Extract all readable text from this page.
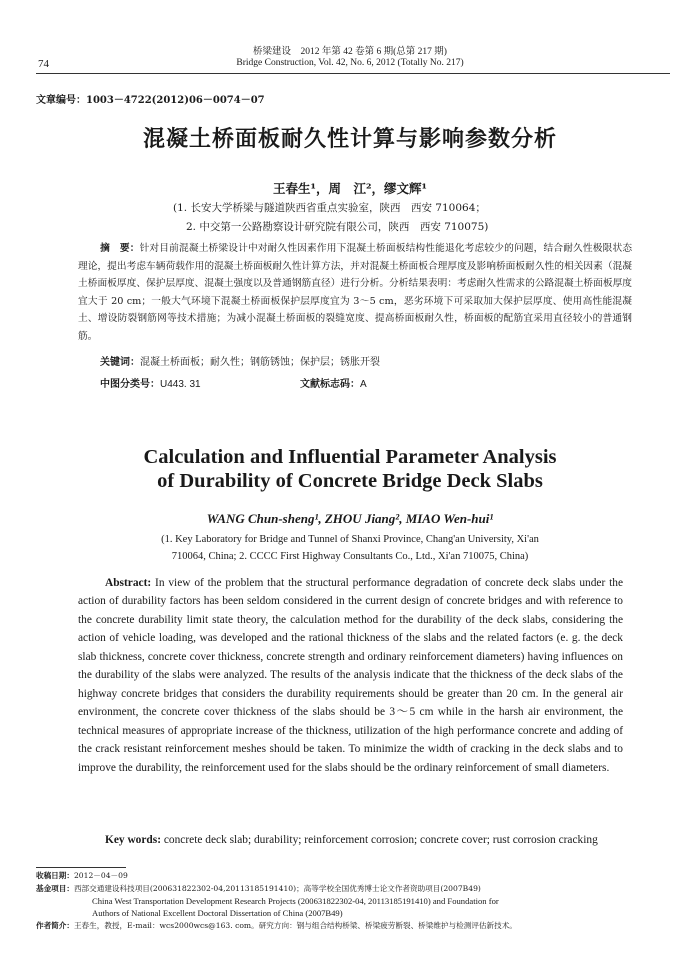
74
桥梁建设　2012 年第 42 卷第 6 期(总第 217 期)
Bridge Construction, Vol. 42, No. 6, 2012 (Totally No. 217)
文章编号：1003－4722(2012)06－0074－07
混凝土桥面板耐久性计算与影响参数分析
王春生¹，周　江²，缪文辉¹
(1. 长安大学桥梁与隧道陕西省重点实验室，陕西　西安 710064；
2. 中交第一公路勘察设计研究院有限公司，陕西　西安 710075)
摘　要：针对目前混凝土桥梁设计中对耐久性因素作用下混凝土桥面板结构性能退化考虑较少的问题，结合耐久性极限状态理论，提出考虑车辆荷载作用的混凝土桥面板耐久性计算方法，并对混凝土桥面板合理厚度及影响桥面板耐久性的相关因素（混凝土桥面板厚度、保护层厚度、混凝土强度以及普通钢筋直径）进行分析。分析结果表明：考虑耐久性需求的公路混凝土桥面板厚度宜大于 20 cm；一般大气环境下混凝土桥面板保护层厚度宜为 3～5 cm，恶劣环境下可采取加大保护层厚度、使用高性能混凝土、增设防裂钢筋网等技术措施；为减小混凝土桥面板的裂缝宽度、提高桥面板耐久性，桥面板的配筋宜采用直径较小的普通钢筋。
关键词：混凝土桥面板；耐久性；钢筋锈蚀；保护层；锈胀开裂
中图分类号：U443. 31	文献标志码：A
Calculation and Influential Parameter Analysis
of Durability of Concrete Bridge Deck Slabs
WANG Chun-sheng¹, ZHOU Jiang², MIAO Wen-hui¹
(1. Key Laboratory for Bridge and Tunnel of Shanxi Province, Chang'an University, Xi'an
710064, China; 2. CCCC First Highway Consultants Co., Ltd., Xi'an 710075, China)
Abstract: In view of the problem that the structural performance degradation of concrete deck slabs under the action of durability factors has been seldom considered in the current design of concrete bridges and with reference to the concrete durability limit state theory, the calculation method for the durability of the deck slabs, considering the action of vehicle loading, was developed and the rational thickness of the slabs and the related factors (e. g. the deck slab thickness, concrete cover thickness, concrete strength and ordinary reinforcement diameters) having influences on the durability of the slabs were analyzed. The results of the analysis indicate that the thickness of the deck slabs of the highway concrete bridges that considers the durability requirements should be greater than 20 cm. In the general air environment, the concrete cover thickness of the slabs should be 3～5 cm while in the harsh air environment, the technical measures of appropriate increase of the thickness, utilization of the high performance concrete and adding of the crack resistant reinforcement meshes should be taken. To minimize the width of cracking in the deck slabs and to improve the durability, the reinforcement used for the slabs should be the ordinary reinforcement of small diameters.
Key words: concrete deck slab; durability; reinforcement corrosion; concrete cover; rust corrosion cracking
收稿日期：2012－04－09
基金项目：西部交通建设科技项目(200631822302-04,20113185191410)；高等学校全国优秀博士论文作者资助项目(2007B49)
China West Transportation Development Research Projects (200631822302-04, 20113185191410) and Foundation for
Authors of National Excellent Doctoral Dissertation of China (2007B49)
作者简介：王春生，教授，E-mail：wcs2000wcs@163. com。研究方向：钢与组合结构桥梁、桥梁疲劳断裂、桥梁维护与检测评估新技术。
